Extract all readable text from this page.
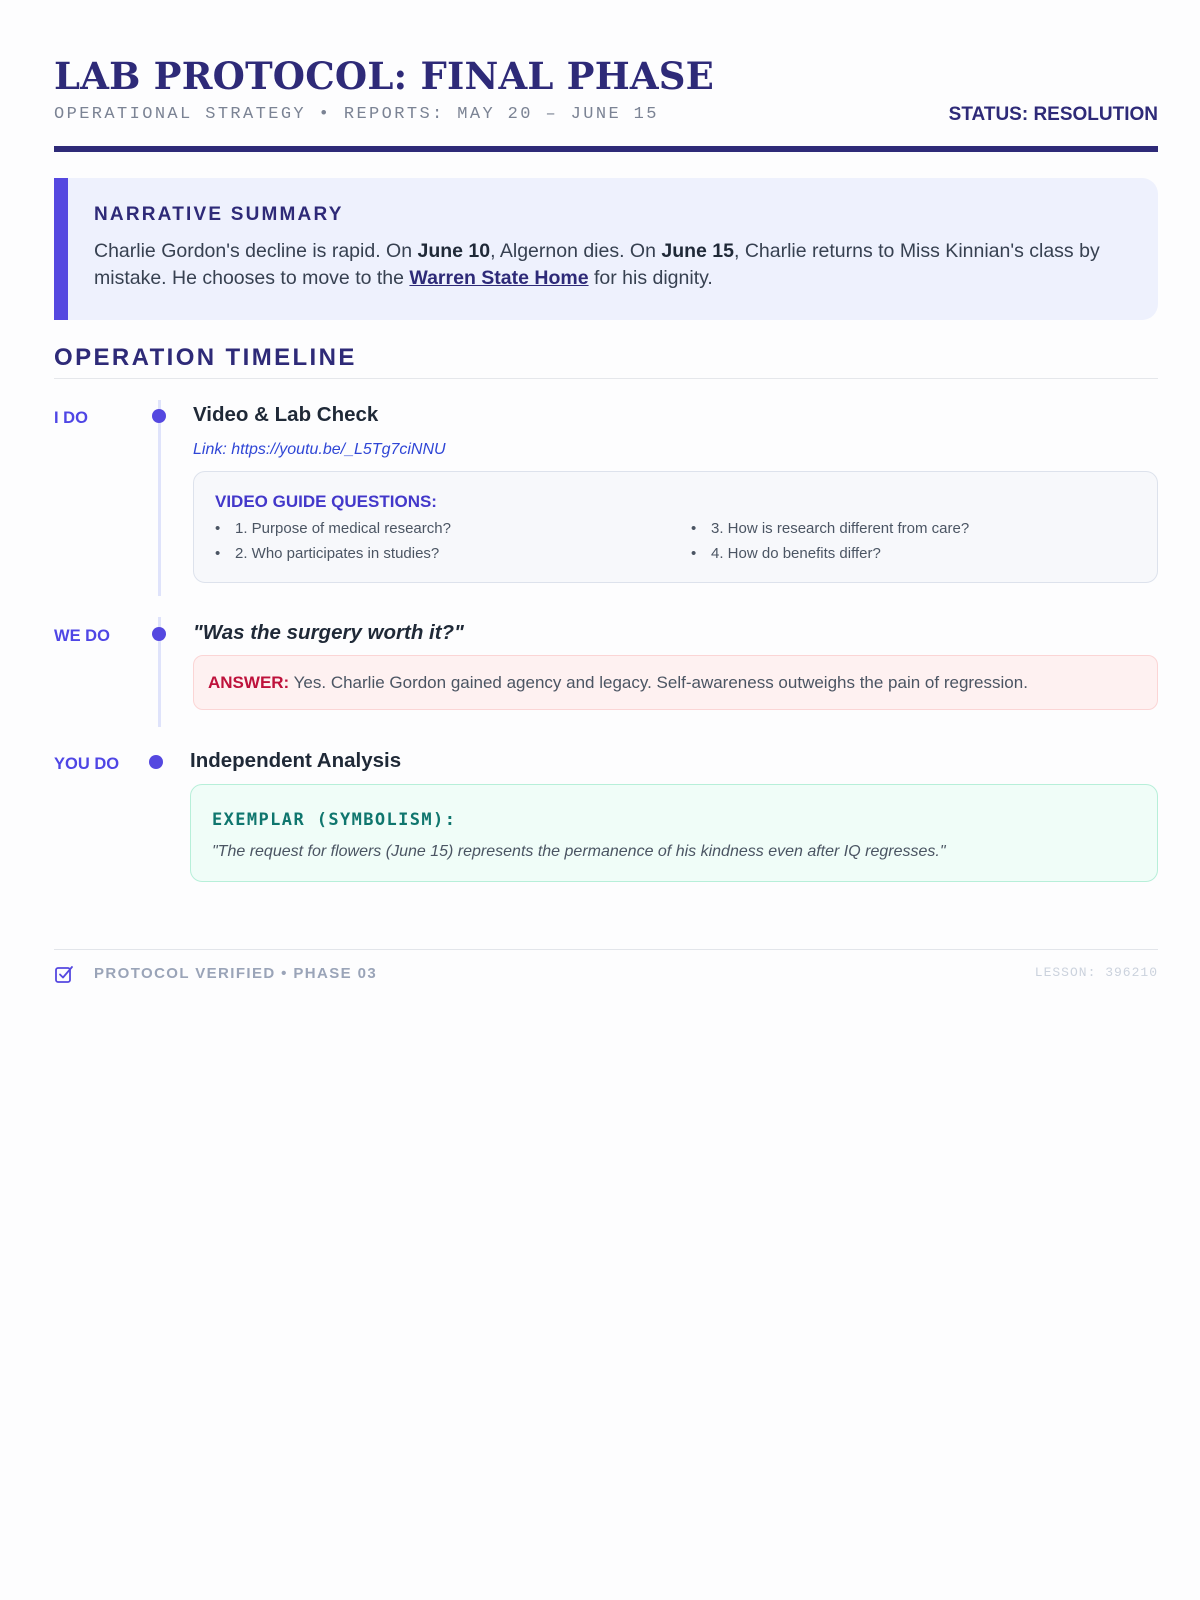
LAB PROTOCOL: FINAL PHASE
OPERATIONAL STRATEGY • REPORTS: MAY 20 – JUNE 15	STATUS: RESOLUTION
NARRATIVE SUMMARY
Charlie Gordon's decline is rapid. On June 10, Algernon dies. On June 15, Charlie returns to Miss Kinnian's class by mistake. He chooses to move to the Warren State Home for his dignity.
OPERATION TIMELINE
I DO	Video & Lab Check
Link: https://youtu.be/_L5Tg7ciNNU
VIDEO GUIDE QUESTIONS:
• 1. Purpose of medical research?
• 2. Who participates in studies?
• 3. How is research different from care?
• 4. How do benefits differ?
WE DO	"Was the surgery worth it?"
ANSWER: Yes. Charlie Gordon gained agency and legacy. Self-awareness outweighs the pain of regression.
YOU DO	Independent Analysis
EXEMPLAR (SYMBOLISM):
"The request for flowers (June 15) represents the permanence of his kindness even after IQ regresses."
PROTOCOL VERIFIED • PHASE 03	LESSON: 396210
